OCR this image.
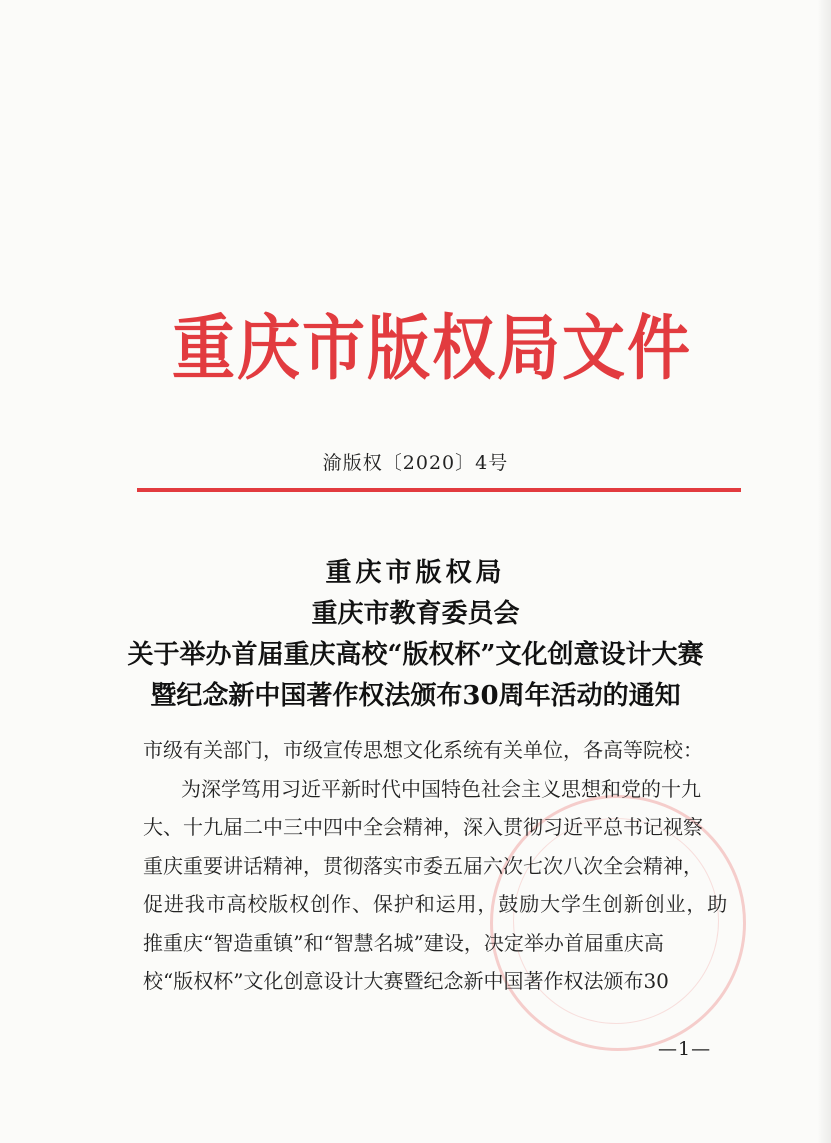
重庆市版权局文件
渝版权〔2020〕4号
重庆市版权局
重庆市教育委员会
关于举办首届重庆高校“版权杯”文化创意设计大赛
暨纪念新中国著作权法颁布30周年活动的通知
市级有关部门，市级宣传思想文化系统有关单位，各高等院校：
为深学笃用习近平新时代中国特色社会主义思想和党的十九
大、十九届二中三中四中全会精神，深入贯彻习近平总书记视察
重庆重要讲话精神，贯彻落实市委五届六次七次八次全会精神，
促进我市高校版权创作、保护和运用，鼓励大学生创新创业，助
推重庆“智造重镇”和“智慧名城”建设，决定举办首届重庆高
校“版权杯”文化创意设计大赛暨纪念新中国著作权法颁布30
—1—
